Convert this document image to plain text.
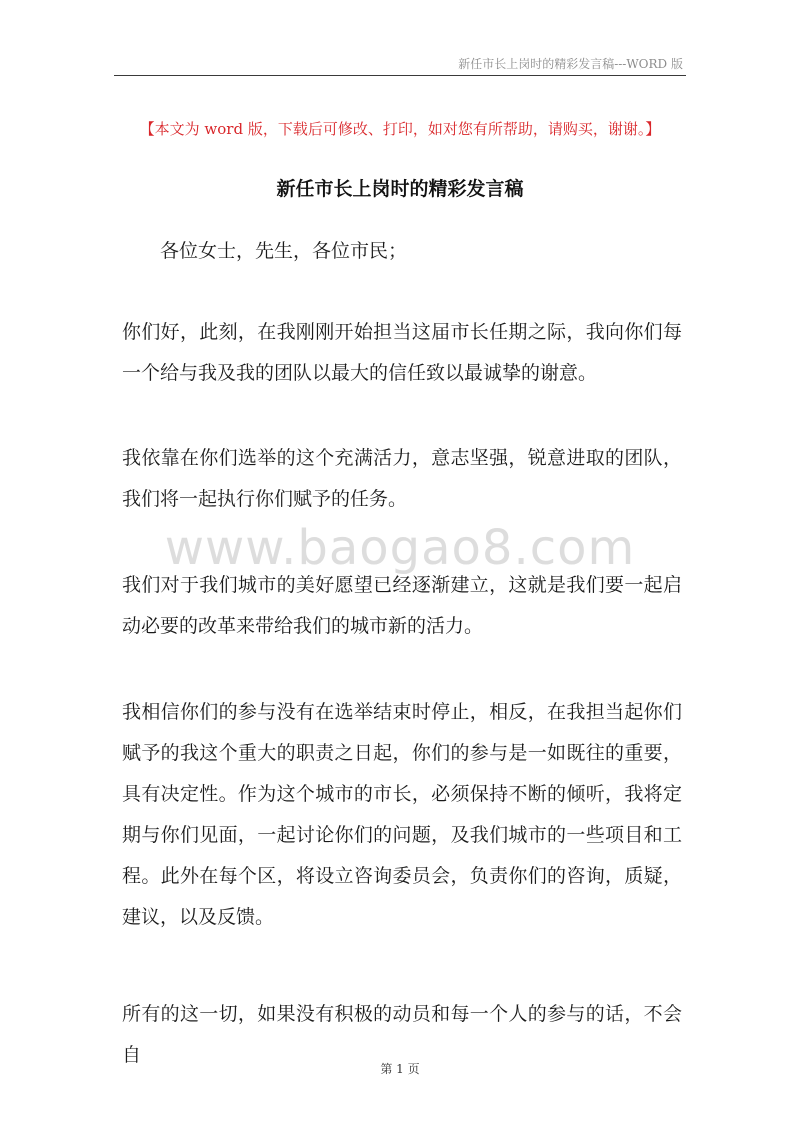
新任市长上岗时的精彩发言稿---WORD 版
【本文为 word 版，下载后可修改、打印，如对您有所帮助，请购买，谢谢。】
新任市长上岗时的精彩发言稿
各位女士，先生，各位市民；

你们好，此刻，在我刚刚开始担当这届市长任期之际，我向你们每一个给与我及我的团队以最大的信任致以最诚挚的谢意。

我依靠在你们选举的这个充满活力，意志坚强，锐意进取的团队，我们将一起执行你们赋予的任务。

www.baogao8.com

我们对于我们城市的美好愿望已经逐渐建立，这就是我们要一起启动必要的改革来带给我们的城市新的活力。

我相信你们的参与没有在选举结束时停止，相反，在我担当起你们赋予的我这个重大的职责之日起，你们的参与是一如既往的重要，具有决定性。作为这个城市的市长，必须保持不断的倾听，我将定期与你们见面，一起讨论你们的问题，及我们城市的一些项目和工程。此外在每个区，将设立咨询委员会，负责你们的咨询，质疑，建议，以及反馈。

所有的这一切，如果没有积极的动员和每一个人的参与的话，不会自

第 1 页
